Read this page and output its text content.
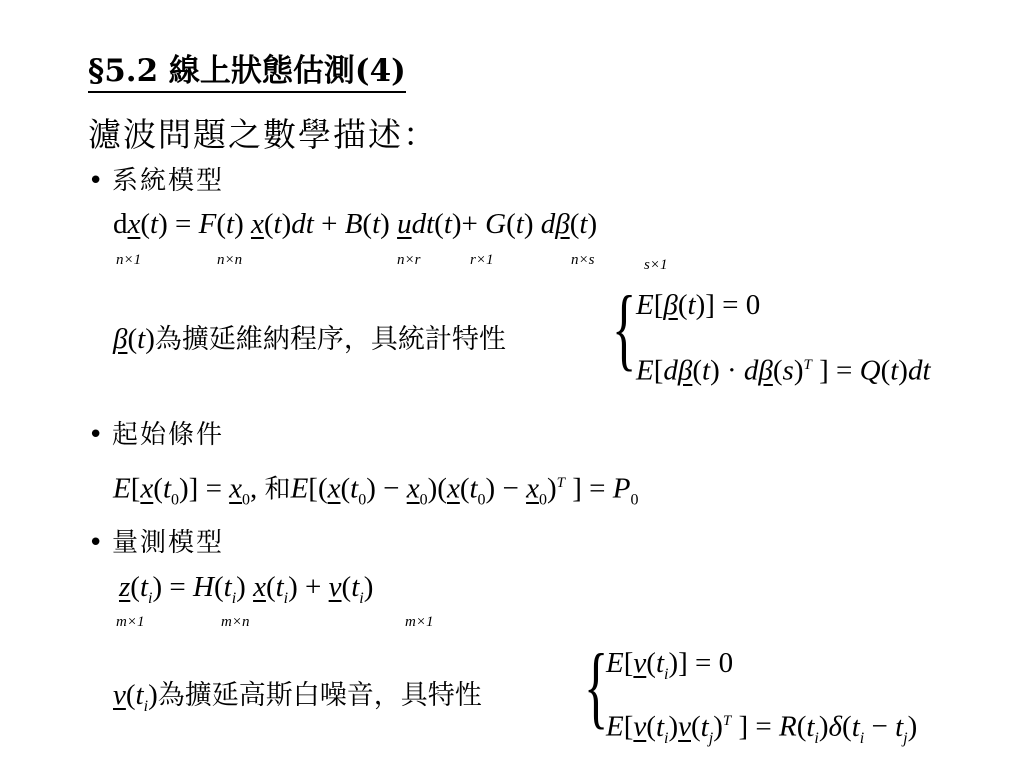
§5.2 線上狀態估測(4)
濾波問題之數學描述：
• 系統模型
dx(t) = F(t) x(t)dt + B(t) udt(t)+ G(t) dβ(t)
n×1	n×n	n×r	r×1	n×s	s×1
β(t)為擴延維納程序，具統計特性 { E[β(t)] = 0
$E[d\beta(t) \cdot d\beta(s)^T$ ] = Q(t)dt
• 起始條件
$E[x(t_0)] = x_0$, 和$E[(x(t_0) - x_0)(x(t_0) - x_0)^T$ ] = $P_0$
• 量測模型
$z(t_i) = H(t_i) x(t_i) + v(t_i)$
m×1	m×n	m×1
$v(t_i)$為擴延高斯白噪音，具特性 {
$E[v(t_i)] = 0$
$E[v(t_i)v(t_j)^T$ ] = $R(t_i)\delta(t_i - t_j)$
